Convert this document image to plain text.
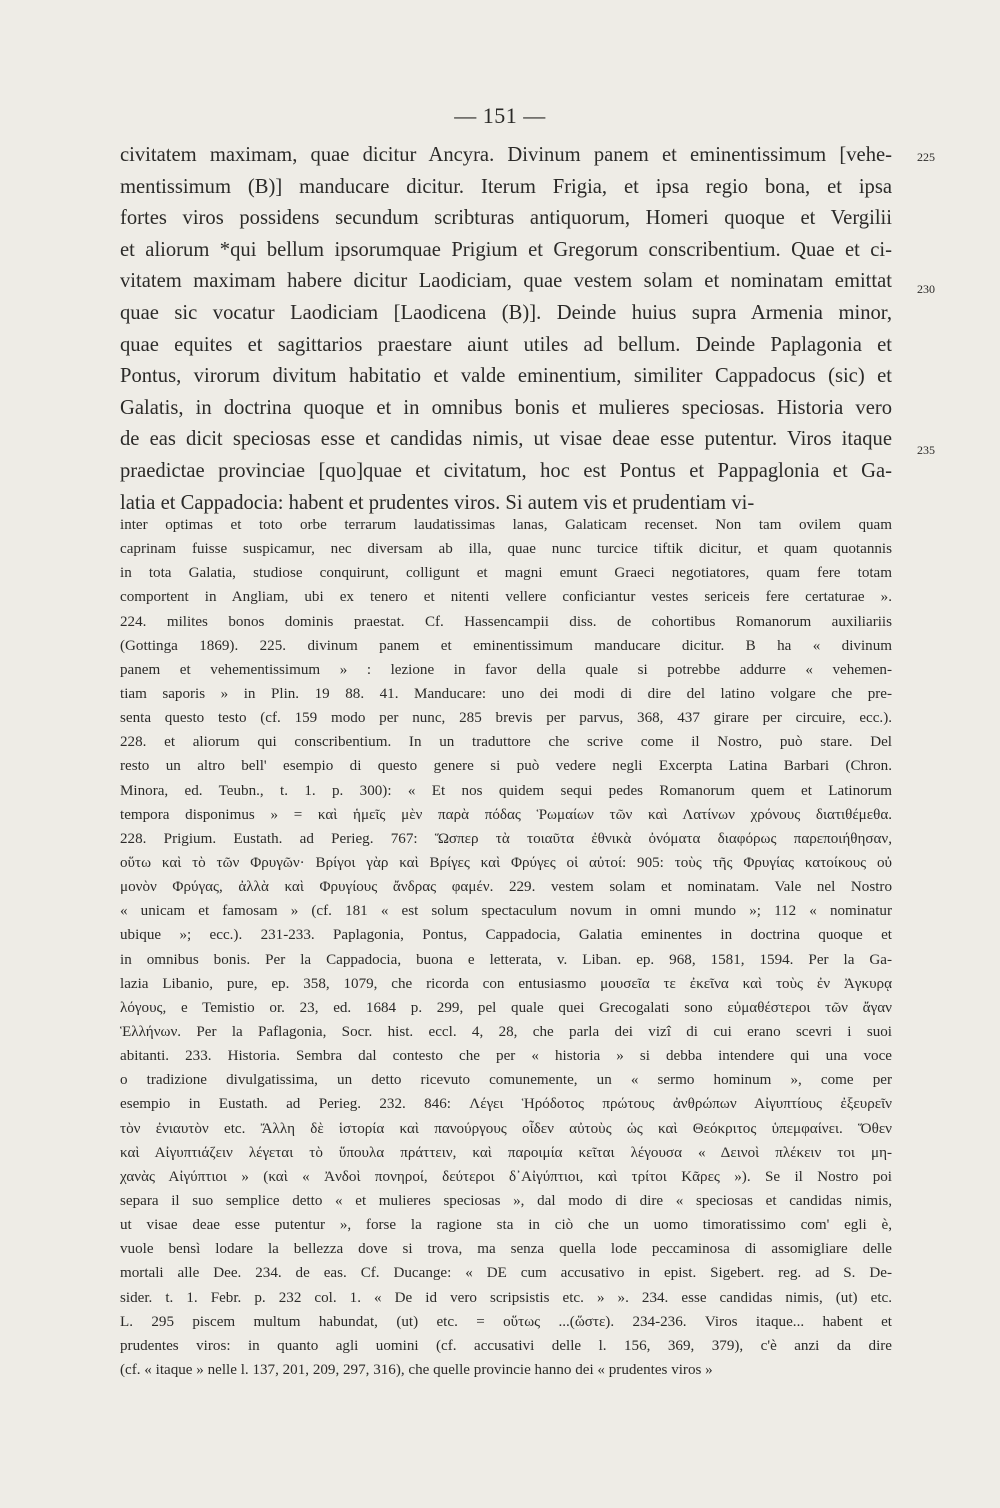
— 151 —
civitatem maximam, quae dicitur Ancyra. Divinum panem et eminentissimum [vehe-
mentissimum (B)] manducare dicitur. Iterum Frigia, et ipsa regio bona, et ipsa
fortes viros possidens secundum scribturas antiquorum, Homeri quoque et Vergilii
et aliorum *qui bellum ipsorumquae Prigium et Gregorum conscribentium. Quae et ci-
vitatem maximam habere dicitur Laodiciam, quae vestem solam et nominatam emittat
quae sic vocatur Laodiciam [Laodicena (B)]. Deinde huius supra Armenia minor,
quae equites et sagittarios praestare aiunt utiles ad bellum. Deinde Paplagonia et
Pontus, virorum divitum habitatio et valde eminentium, similiter Cappadocus (sic) et
Galatis, in doctrina quoque et in omnibus bonis et mulieres speciosas. Historia vero
de eas dicit speciosas esse et candidas nimis, ut visae deae esse putentur. Viros itaque
praedictae provinciae [quo]quae et civitatum, hoc est Pontus et Pappaglonia et Ga-
latia et Cappadocia: habent et prudentes viros. Si autem vis et prudentiam vi-
225
230
235
inter optimas et toto orbe terrarum laudatissimas lanas, Galaticam recenset. Non tam ovilem quam
caprinam fuisse suspicamur, nec diversam ab illa, quae nunc turcice tiftik dicitur, et quam quotannis
in tota Galatia, studiose conquirunt, colligunt et magni emunt Graeci negotiatores, quam fere totam
comportent in Angliam, ubi ex tenero et nitenti vellere conficiantur vestes sericeis fere certaturae ».
224. milites bonos dominis praestat. Cf. Hassencampii diss. de cohortibus Romanorum auxiliariis
(Gottinga 1869). 225. divinum panem et eminentissimum manducare dicitur. B ha « divinum
panem et vehementissimum » : lezione in favor della quale si potrebbe addurre « vehemen-
tiam saporis » in Plin. 19 88. 41. Manducare: uno dei modi di dire del latino volgare che pre-
senta questo testo (cf. 159 modo per nunc, 285 brevis per parvus, 368, 437 girare per circuire, ecc.).
228. et aliorum qui conscribentium. In un traduttore che scrive come il Nostro, può stare. Del
resto un altro bell' esempio di questo genere si può vedere negli Excerpta Latina Barbari (Chron.
Minora, ed. Teubn., t. 1. p. 300): « Et nos quidem sequi pedes Romanorum quem et Latinorum
tempora disponimus » = καὶ ἡμεῖς μὲν παρὰ πόδας Ῥωμαίων τῶν καὶ Λατίνων χρόνους διατιθέμεθα.
228. Prigium. Eustath. ad Perieg. 767: Ὥσπερ τὰ τοιαῦτα ἐθνικὰ ὀνόματα διαφόρως παρεποιήθησαν,
οὕτω καὶ τὸ τῶν Φρυγῶν· Βρίγοι γὰρ καὶ Βρίγες καὶ Φρύγες οἱ αὐτοί: 905: τοὺς τῆς Φρυγίας κατοίκους οὐ
μονὸν Φρύγας, ἀλλὰ καὶ Φρυγίους ἄνδρας φαμέν. 229. vestem solam et nominatam. Vale nel Nostro
« unicam et famosam » (cf. 181 « est solum spectaculum novum in omni mundo »; 112 « nominatur
ubique »; ecc.). 231-233. Paplagonia, Pontus, Cappadocia, Galatia eminentes in doctrina quoque et
in omnibus bonis. Per la Cappadocia, buona e letterata, v. Liban. ep. 968, 1581, 1594. Per la Ga-
lazia Libanio, pure, ep. 358, 1079, che ricorda con entusiasmo μουσεῖα τε ἐκεῖνα καὶ τοὺς ἐν Ἀγκυρᾳ
λόγους, e Temistio or. 23, ed. 1684 p. 299, pel quale quei Grecogalati sono εὐμαθέστεροι τῶν ἄγαν
Ἑλλήνων. Per la Paflagonia, Socr. hist. eccl. 4, 28, che parla dei vizî di cui erano scevri i suoi
abitanti. 233. Historia. Sembra dal contesto che per « historia » si debba intendere qui una voce
o tradizione divulgatissima, un detto ricevuto comunemente, un « sermo hominum », come per
esempio in Eustath. ad Perieg. 232. 846: Λέγει Ἡρόδοτος πρώτους ἀνθρώπων Αἰγυπτίους ἐξευρεῖν
τὸν ἐνιαυτὸν etc. Ἄλλη δὲ ἱστορία καὶ πανούργους οἶδεν αὐτοὺς ὡς καὶ Θεόκριτος ὑπεμφαίνει. Ὅθεν
καὶ Αἰγυπτιάζειν λέγεται τὸ ὕπουλα πράττειν, καὶ παροιμία κεῖται λέγουσα « Δεινοὶ πλέκειν τοι μη-
χανὰς Αἰγύπτιοι » (καὶ « Ἀνδοὶ πονηροί, δεύτεροι δ᾽Αἰγύπτιοι, καὶ τρίτοι Κᾶρες »). Se il Nostro poi
separa il suo semplice detto « et mulieres speciosas », dal modo di dire « speciosas et candidas nimis,
ut visae deae esse putentur », forse la ragione sta in ciò che un uomo timoratissimo com' egli è,
vuole bensì lodare la bellezza dove si trova, ma senza quella lode peccaminosa di assomigliare delle
mortali alle Dee. 234. de eas. Cf. Ducange: « DE cum accusativo in epist. Sigebert. reg. ad S. De-
sider. t. 1. Febr. p. 232 col. 1. « De id vero scripsistis etc. » ». 234. esse candidas nimis, (ut) etc.
L. 295 piscem multum habundat, (ut) etc. = οὕτως ...(ὥστε). 234-236. Viros itaque... habent et
prudentes viros: in quanto agli uomini (cf. accusativi delle l. 156, 369, 379), c'è anzi da dire
(cf. « itaque » nelle l. 137, 201, 209, 297, 316), che quelle provincie hanno dei « prudentes viros »
